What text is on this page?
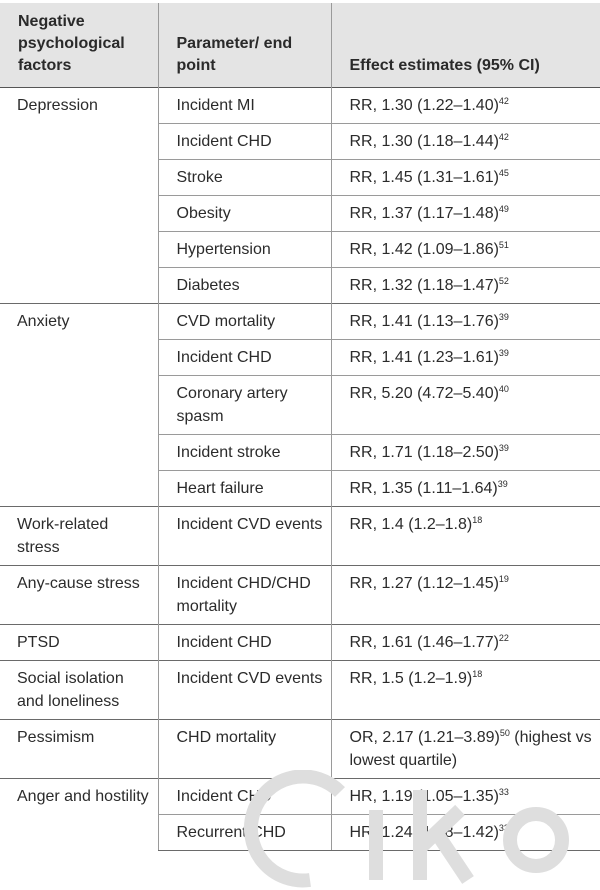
Negative psychological factors	Parameter/ end point	Effect estimates (95% CI)
Depression	Incident MI	RR, 1.30 $(1.22-1.40)^{42}$
	Incident CHD	RR, 1.30 $(1.18-1.44)^{42}$
	Stroke	RR, 1.45 $(1.31-1.61)^{45}$
	Obesity	RR, 1.37 $(1.17-1.48)^{49}$
	Hypertension	RR, 1.42 $(1.09-1.86)^{51}$
	Diabetes	RR, 1.32 $(1.18-1.47)^{52}$
Anxiety	CVD mortality	RR, 1.41 $(1.13-1.76)^{39}$
	Incident CHD	RR, 1.41 $(1.23-1.61)^{39}$
	Coronary artery spasm	RR, 5.20 $(4.72-5.40)^{40}$
	Incident stroke	RR, 1.71 $(1.18-2.50)^{39}$
	Heart failure	RR, 1.35 $(1.11-1.64)^{39}$
Work-related stress	Incident CVD events	RR, 1.4 $(1.2-1.8)^{18}$
Any-cause stress	Incident CHD/CHD mortality	RR, 1.27 $(1.12-1.45)^{19}$
PTSD	Incident CHD	RR, 1.61 $(1.46-1.77)^{22}$
Social isolation and loneliness	Incident CVD events	RR, 1.5 $(1.2-1.9)^{18}$
Pessimism	CHD mortality	OR, 2.17 $(1.21-3.89)^{50}$ (highest vs lowest quartile)
Anger and hostility	Incident CHD	HR, 1.19 $(1.05-1.35)^{33}$
	Recurrent CHD	HR, 1.24 $(1.08-1.42)^{33}$
